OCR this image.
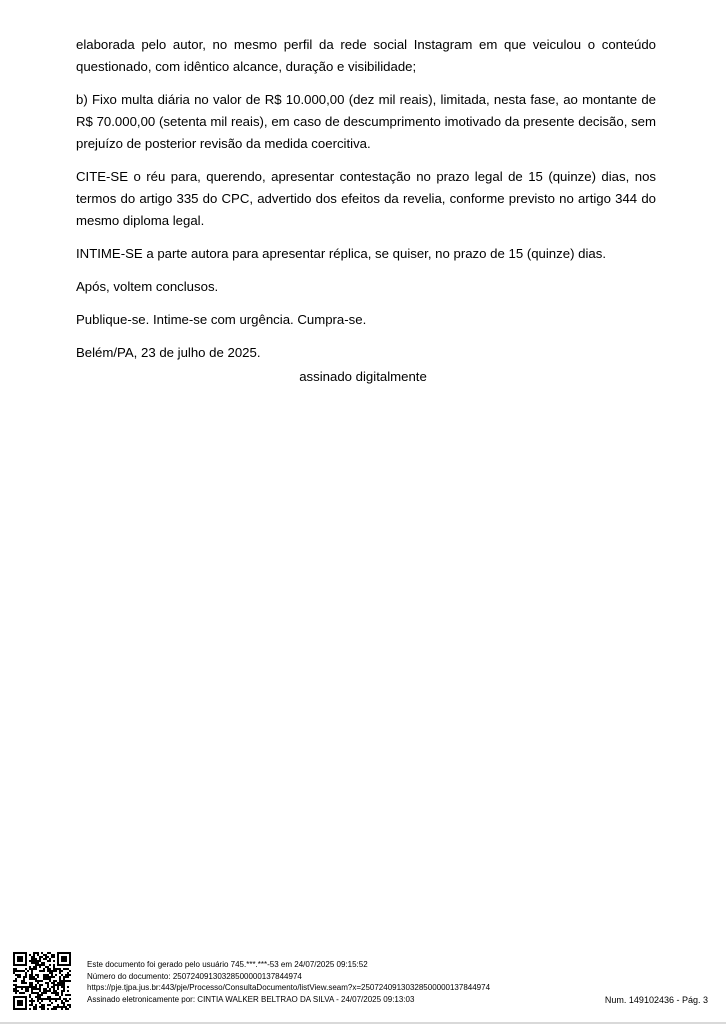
elaborada pelo autor, no mesmo perfil da rede social Instagram em que veiculou o conteúdo questionado, com idêntico alcance, duração e visibilidade;

b) Fixo multa diária no valor de R$ 10.000,00 (dez mil reais), limitada, nesta fase, ao montante de R$ 70.000,00 (setenta mil reais), em caso de descumprimento imotivado da presente decisão, sem prejuízo de posterior revisão da medida coercitiva.

CITE-SE o réu para, querendo, apresentar contestação no prazo legal de 15 (quinze) dias, nos termos do artigo 335 do CPC, advertido dos efeitos da revelia, conforme previsto no artigo 344 do mesmo diploma legal.

INTIME-SE a parte autora para apresentar réplica, se quiser, no prazo de 15 (quinze) dias.

Após, voltem conclusos.

Publique-se. Intime-se com urgência. Cumpra-se.

Belém/PA, 23 de julho de 2025.

assinado digitalmente
Este documento foi gerado pelo usuário 745.***.***-53 em 24/07/2025 09:15:52
Número do documento: 25072409130328500000137844974
https://pje.tjpa.jus.br:443/pje/Processo/ConsultaDocumento/listView.seam?x=25072409130328500000137844974
Assinado eletronicamente por: CINTIA WALKER BELTRAO DA SILVA - 24/07/2025 09:13:03	Num. 149102436 - Pág. 3
